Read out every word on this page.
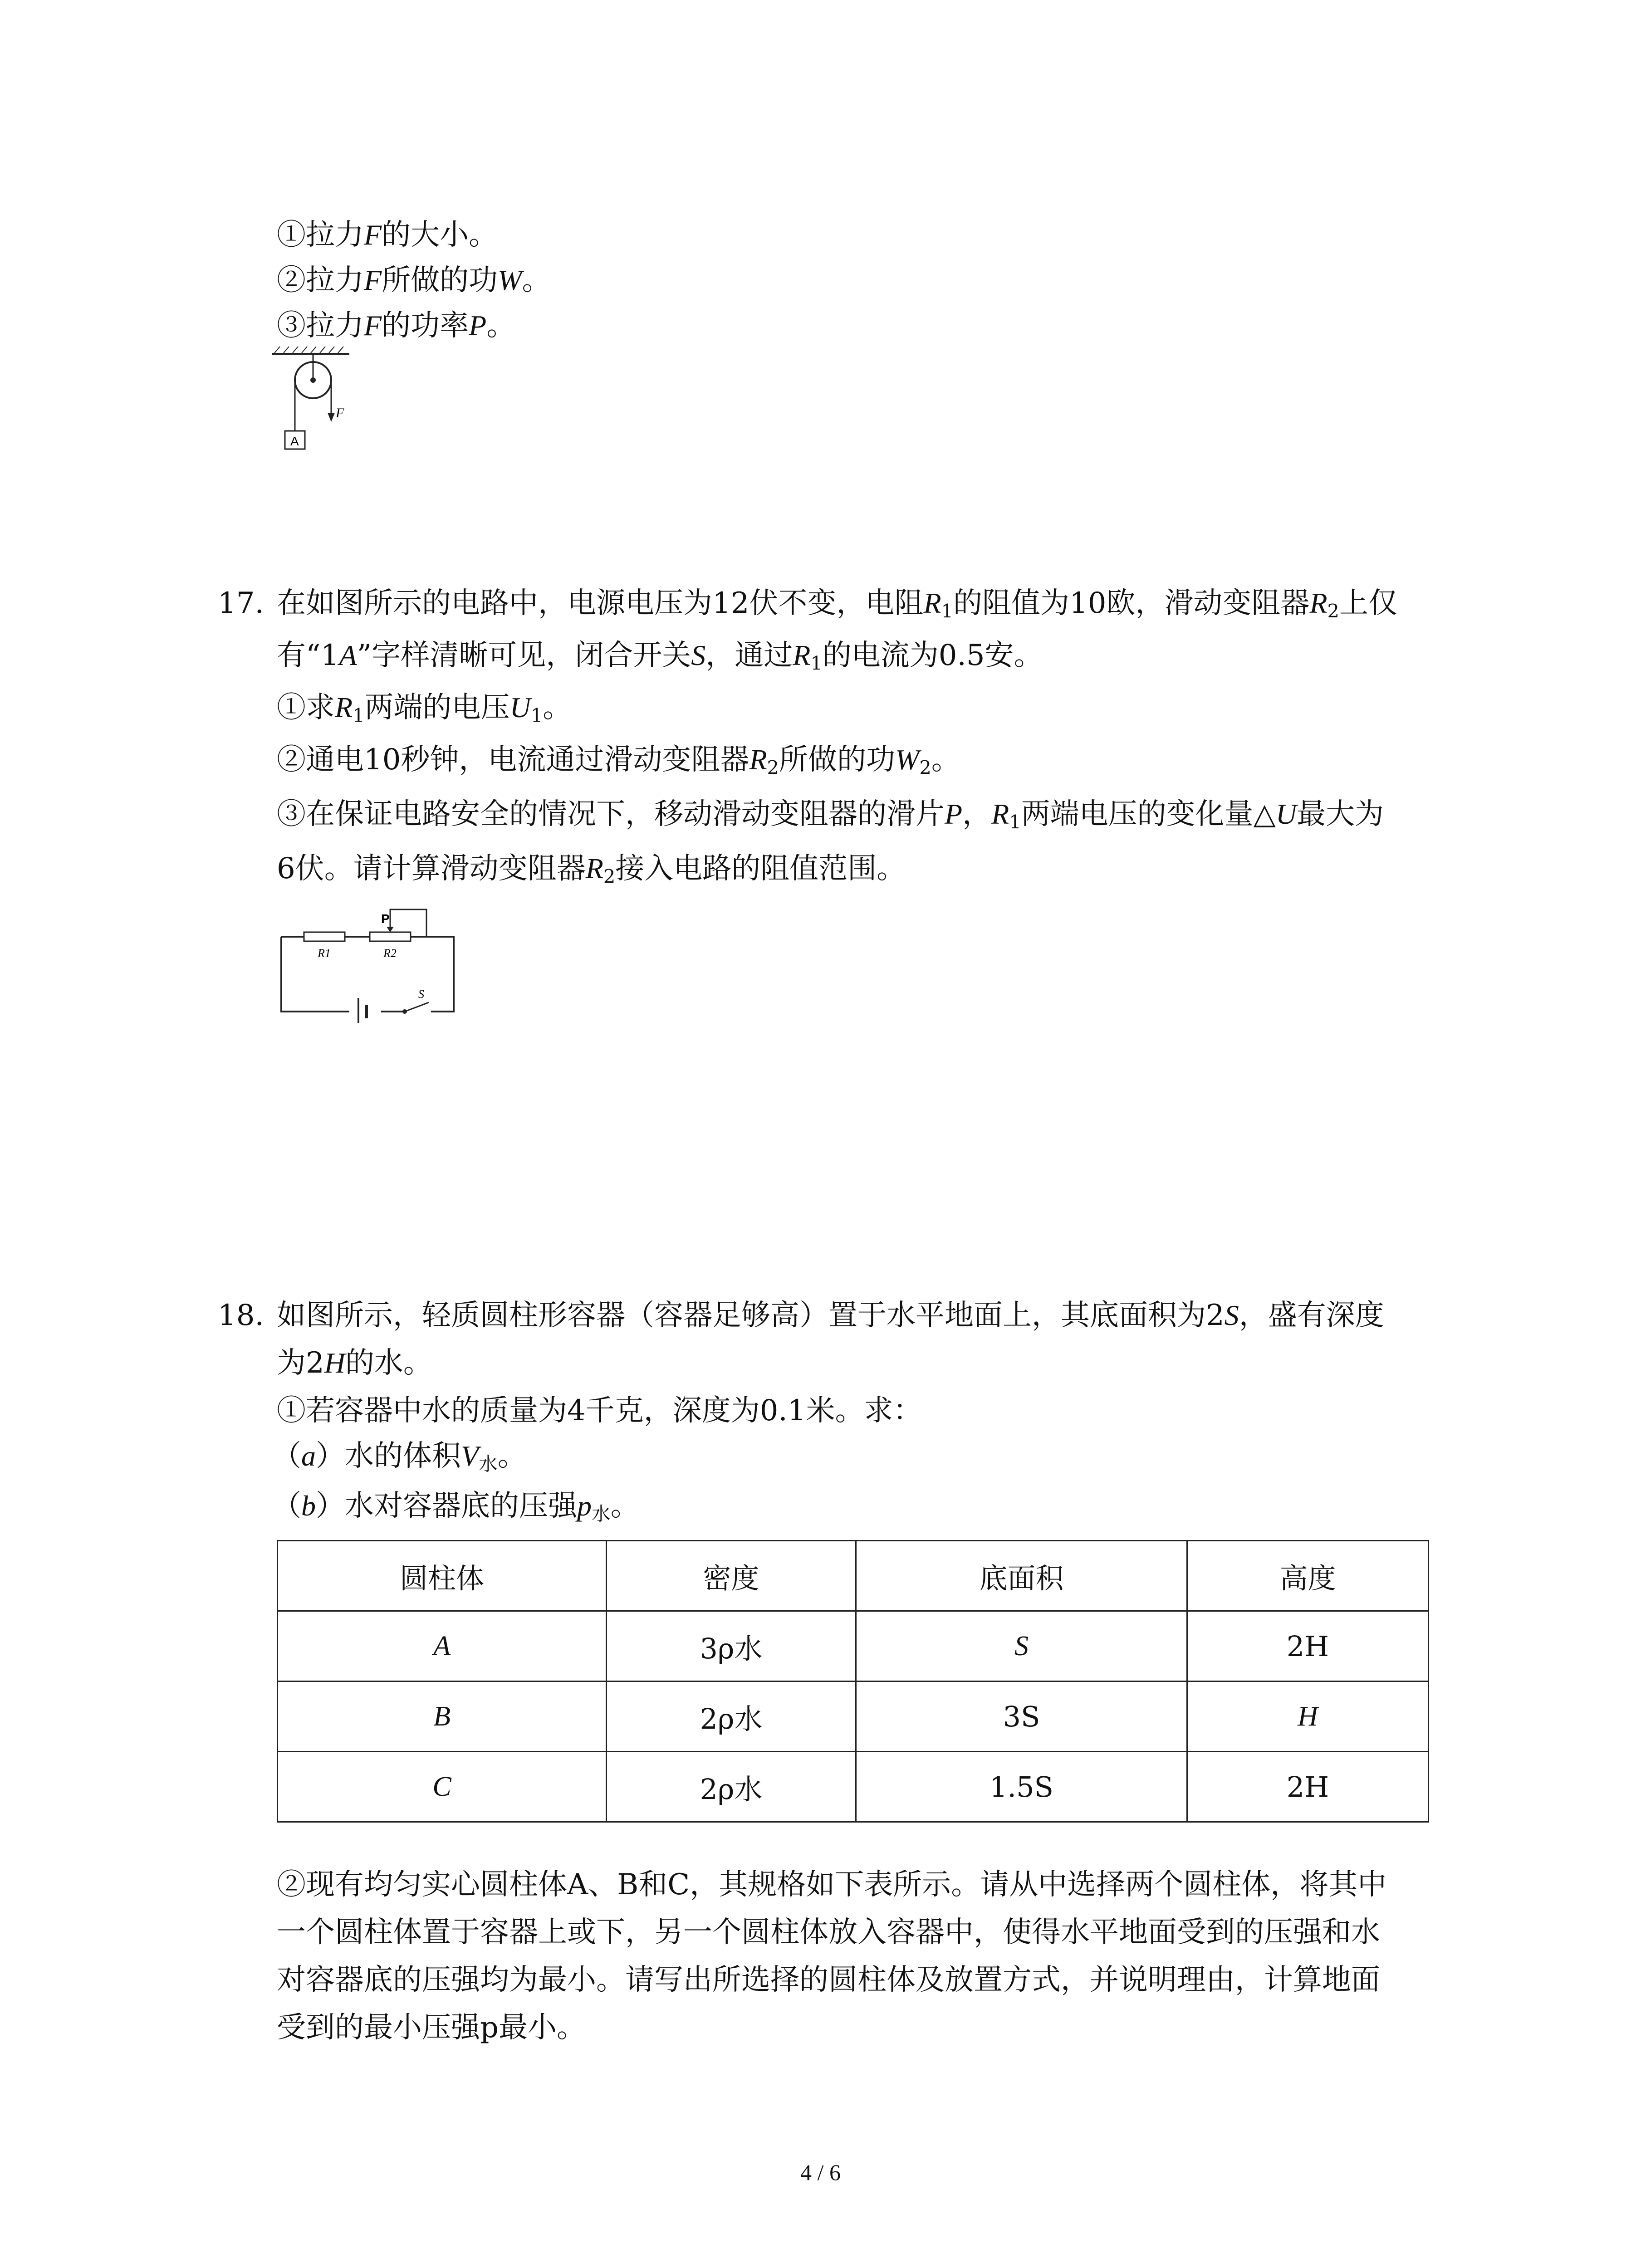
①拉力F的大小。
②拉力F所做的功W。
③拉力F的功率P。
F
A
17. 在如图所示的电路中，电源电压为12伏不变，电阻$R_1$的阻值为10欧，滑动变阻器$R_2$上仅
有“1A”字样清晰可见，闭合开关S，通过$R_1$的电流为0.5安。
①求$R_1$两端的电压$U_1$。
②通电10秒钟，电流通过滑动变阻器$R_2$所做的功$W_2$。
③在保证电路安全的情况下，移动滑动变阻器的滑片P，$R_1$两端电压的变化量△U最大为
6伏。请计算滑动变阻器$R_2$接入电路的阻值范围。
P
R1	R2
S
18. 如图所示，轻质圆柱形容器（容器足够高）置于水平地面上，其底面积为2S，盛有深度
为2H的水。
①若容器中水的质量为4千克，深度为0.1米。求：
（a）水的体积$V_水$。
（b）水对容器底的压强$p_水$。
圆柱体	密度	底面积	高度
A	3ρ水	S	2H
B	2ρ水	3S	H
C	2ρ水	1.5S	2H
②现有均匀实心圆柱体A、B和C，其规格如下表所示。请从中选择两个圆柱体，将其中
一个圆柱体置于容器上或下，另一个圆柱体放入容器中，使得水平地面受到的压强和水
对容器底的压强均为最小。请写出所选择的圆柱体及放置方式，并说明理由，计算地面
受到的最小压强p最小。
4 / 6
